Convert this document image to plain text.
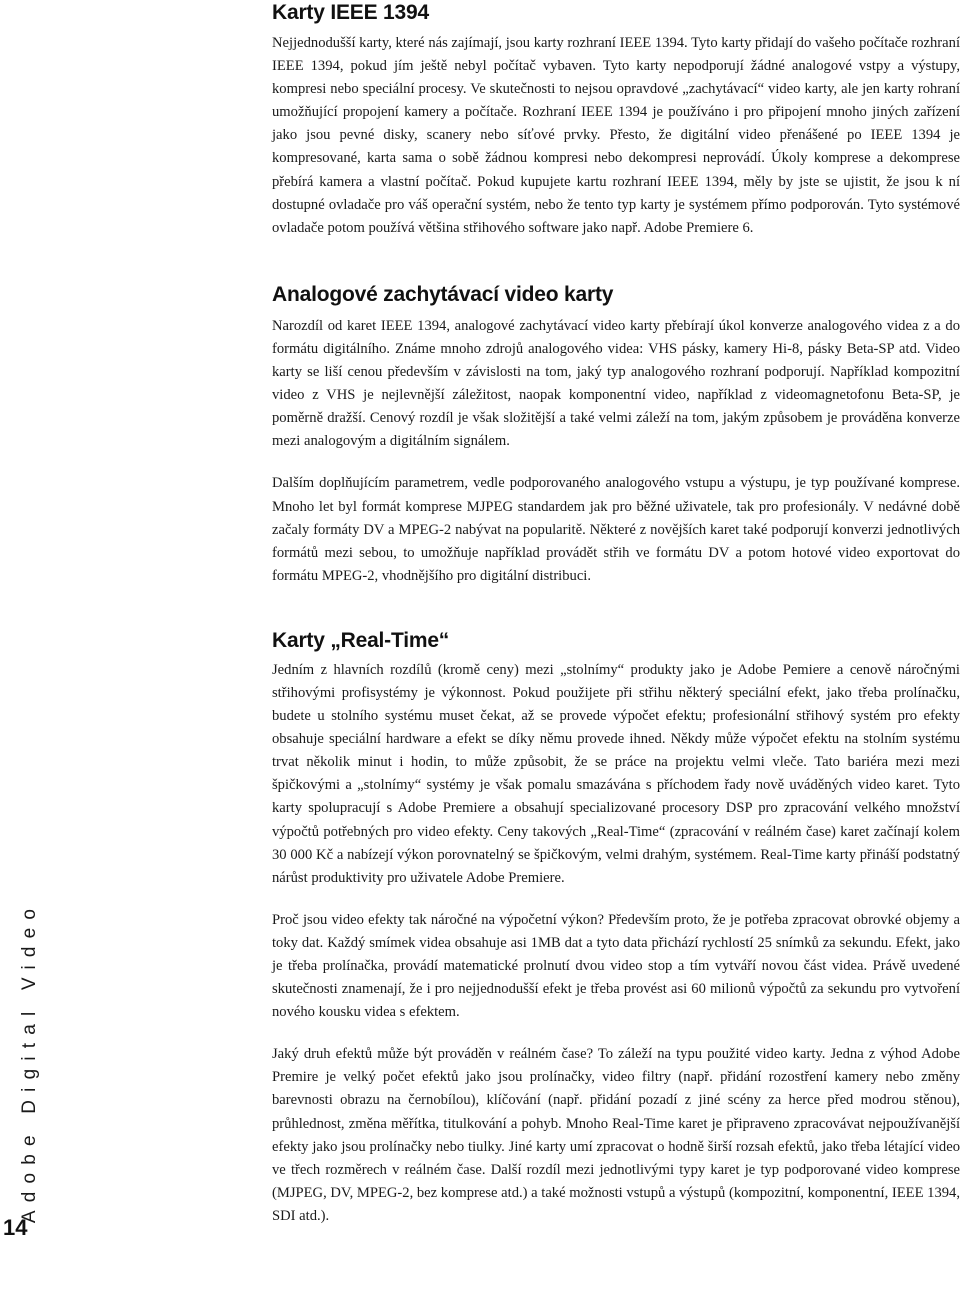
Adobe Digital Video
14
Karty IEEE 1394

Nejjednodušší karty, které nás zajímají, jsou karty rozhraní IEEE 1394. Tyto karty přidají do vašeho počítače rozhraní IEEE 1394, pokud jím ještě nebyl počítač vybaven. Tyto karty nepodporují žádné analogové vstpy a výstupy, kompresi nebo speciální procesy. Ve skutečnosti to nejsou opravdové „zachytávací“ video karty, ale jen karty rohraní umožňující propojení kamery a počítače. Rozhraní IEEE 1394 je používáno i pro připojení mnoho jiných zařízení jako jsou pevné disky, scanery nebo síťové prvky. Přesto, že digitální video přenášené po IEEE 1394 je kompresované, karta sama o sobě žádnou kompresi nebo dekompresi neprovádí. Úkoly komprese a dekomprese přebírá kamera a vlastní počítač. Pokud kupujete kartu rozhraní IEEE 1394, měly by jste se ujistit, že jsou k ní dostupné ovladače pro váš operační systém, nebo že tento typ karty je systémem přímo podporován. Tyto systémové ovladače potom používá většina střihového software jako např. Adobe Premiere 6.

Analogové zachytávací video karty

Narozdíl od karet IEEE 1394, analogové zachytávací video karty přebírají úkol konverze analogového videa z a do formátu digitálního. Známe mnoho zdrojů analogového videa: VHS pásky, kamery Hi-8, pásky Beta-SP atd. Video karty se liší cenou především v závislosti na tom, jaký typ analogového rozhraní podporují. Například kompozitní video z VHS je nejlevnější záležitost, naopak komponentní video, například z videomagnetofonu Beta-SP, je poměrně dražší. Cenový rozdíl je však složitější a také velmi záleží na tom, jakým způsobem je prováděna konverze mezi analogovým a digitálním signálem.

Dalším doplňujícím parametrem, vedle podporovaného analogového vstupu a výstupu, je typ používané komprese. Mnoho let byl formát komprese MJPEG standardem jak pro běžné uživatele, tak pro profesionály. V nedávné době začaly formáty DV a MPEG-2 nabývat na popularitě. Některé z novějších karet také podporují konverzi jednotlivých formátů mezi sebou, to umožňuje například provádět střih ve formátu DV a potom hotové video exportovat do formátu MPEG-2, vhodnějšího pro digitální distribuci.

Karty „Real-Time“

Jedním z hlavních rozdílů (kromě ceny) mezi „stolnímy“ produkty jako je Adobe Pemiere a cenově náročnými střihovými profisystémy je výkonnost. Pokud použijete při střihu některý speciální efekt, jako třeba prolínačku, budete u stolního systému muset čekat, až se provede výpočet efektu; profesionální střihový systém pro efekty obsahuje speciální hardware a efekt se díky němu provede ihned. Někdy může výpočet efektu na stolním systému trvat několik minut i hodin, to může způsobit, že se práce na projektu velmi vleče. Tato bariéra mezi mezi špičkovými a „stolnímy“ systémy je však pomalu smazávána s příchodem řady nově uváděných video karet. Tyto karty spolupracují s Adobe Premiere a obsahují specializované procesory DSP pro zpracování velkého množství výpočtů potřebných pro video efekty. Ceny takových „Real-Time“ (zpracování v reálném čase) karet začínají kolem 30 000 Kč a nabízejí výkon porovnatelný se špičkovým, velmi drahým, systémem. Real-Time karty přináší podstatný nárůst produktivity pro uživatele Adobe Premiere.

Proč jsou video efekty tak náročné na výpočetní výkon? Především proto, že je potřeba zpracovat obrovké objemy a toky dat. Každý smímek videa obsahuje asi 1MB dat a tyto data přichází rychlostí 25 snímků za sekundu. Efekt, jako je třeba prolínačka, provádí matematické prolnutí dvou video stop a tím vytváří novou část videa. Právě uvedené skutečnosti znamenají, že i pro nejjednodušší efekt je třeba provést asi 60 milionů výpočtů za sekundu pro vytvoření nového kousku videa s efektem.

Jaký druh efektů může být prováděn v reálném čase? To záleží na typu použité video karty. Jedna z výhod Adobe Premire je velký počet efektů jako jsou prolínačky, video filtry (např. přidání rozostření kamery nebo změny barevnosti obrazu na černobílou), klíčování (např. přidání pozadí z jiné scény za herce před modrou stěnou), průhlednost, změna měřítka, titulkování a pohyb. Mnoho Real-Time karet je připraveno zpracovávat nejpoužívanější efekty jako jsou prolínačky nebo tiulky. Jiné karty umí zpracovat o hodně širší rozsah efektů, jako třeba létající video ve třech rozměrech v reálném čase. Další rozdíl mezi jednotlivými typy karet je typ podporované video komprese (MJPEG, DV, MPEG-2, bez komprese atd.) a také možnosti vstupů a výstupů (kompozitní, komponentní, IEEE 1394, SDI atd.).
